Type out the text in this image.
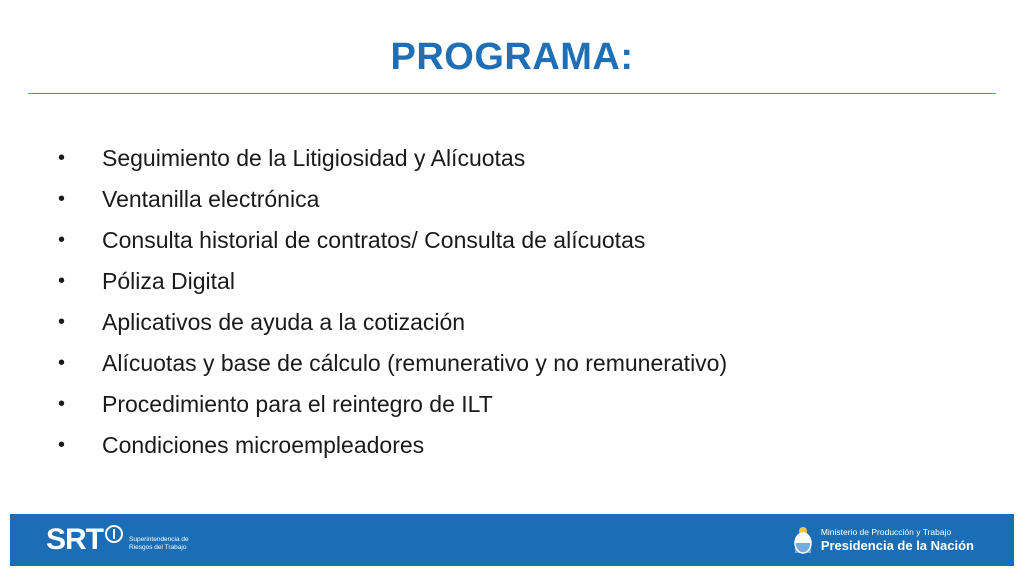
PROGRAMA:
• Seguimiento de la Litigiosidad y Alícuotas
• Ventanilla electrónica
• Consulta historial de contratos/ Consulta de alícuotas
• Póliza Digital
• Aplicativos de ayuda a la cotización
• Alícuotas y base de cálculo (remunerativo y no remunerativo)
• Procedimiento para el reintegro de ILT
• Condiciones microempleadores
SRT	Superintendencia de
Riesgos del Trabajo
Ministerio de Producción y Trabajo
Presidencia de la Nación
